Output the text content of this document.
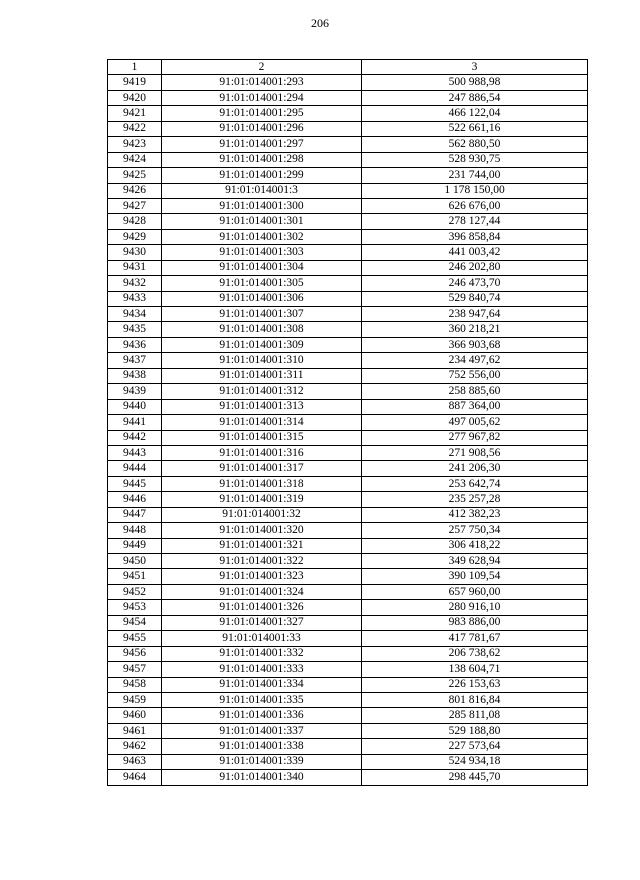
206
1	2	3
9419	91:01:014001:293	500 988,98
9420	91:01:014001:294	247 886,54
9421	91:01:014001:295	466 122,04
9422	91:01:014001:296	522 661,16
9423	91:01:014001:297	562 880,50
9424	91:01:014001:298	528 930,75
9425	91:01:014001:299	231 744,00
9426	91:01:014001:3	1 178 150,00
9427	91:01:014001:300	626 676,00
9428	91:01:014001:301	278 127,44
9429	91:01:014001:302	396 858,84
9430	91:01:014001:303	441 003,42
9431	91:01:014001:304	246 202,80
9432	91:01:014001:305	246 473,70
9433	91:01:014001:306	529 840,74
9434	91:01:014001:307	238 947,64
9435	91:01:014001:308	360 218,21
9436	91:01:014001:309	366 903,68
9437	91:01:014001:310	234 497,62
9438	91:01:014001:311	752 556,00
9439	91:01:014001:312	258 885,60
9440	91:01:014001:313	887 364,00
9441	91:01:014001:314	497 005,62
9442	91:01:014001:315	277 967,82
9443	91:01:014001:316	271 908,56
9444	91:01:014001:317	241 206,30
9445	91:01:014001:318	253 642,74
9446	91:01:014001:319	235 257,28
9447	91:01:014001:32	412 382,23
9448	91:01:014001:320	257 750,34
9449	91:01:014001:321	306 418,22
9450	91:01:014001:322	349 628,94
9451	91:01:014001:323	390 109,54
9452	91:01:014001:324	657 960,00
9453	91:01:014001:326	280 916,10
9454	91:01:014001:327	983 886,00
9455	91:01:014001:33	417 781,67
9456	91:01:014001:332	206 738,62
9457	91:01:014001:333	138 604,71
9458	91:01:014001:334	226 153,63
9459	91:01:014001:335	801 816,84
9460	91:01:014001:336	285 811,08
9461	91:01:014001:337	529 188,80
9462	91:01:014001:338	227 573,64
9463	91:01:014001:339	524 934,18
9464	91:01:014001:340	298 445,70
